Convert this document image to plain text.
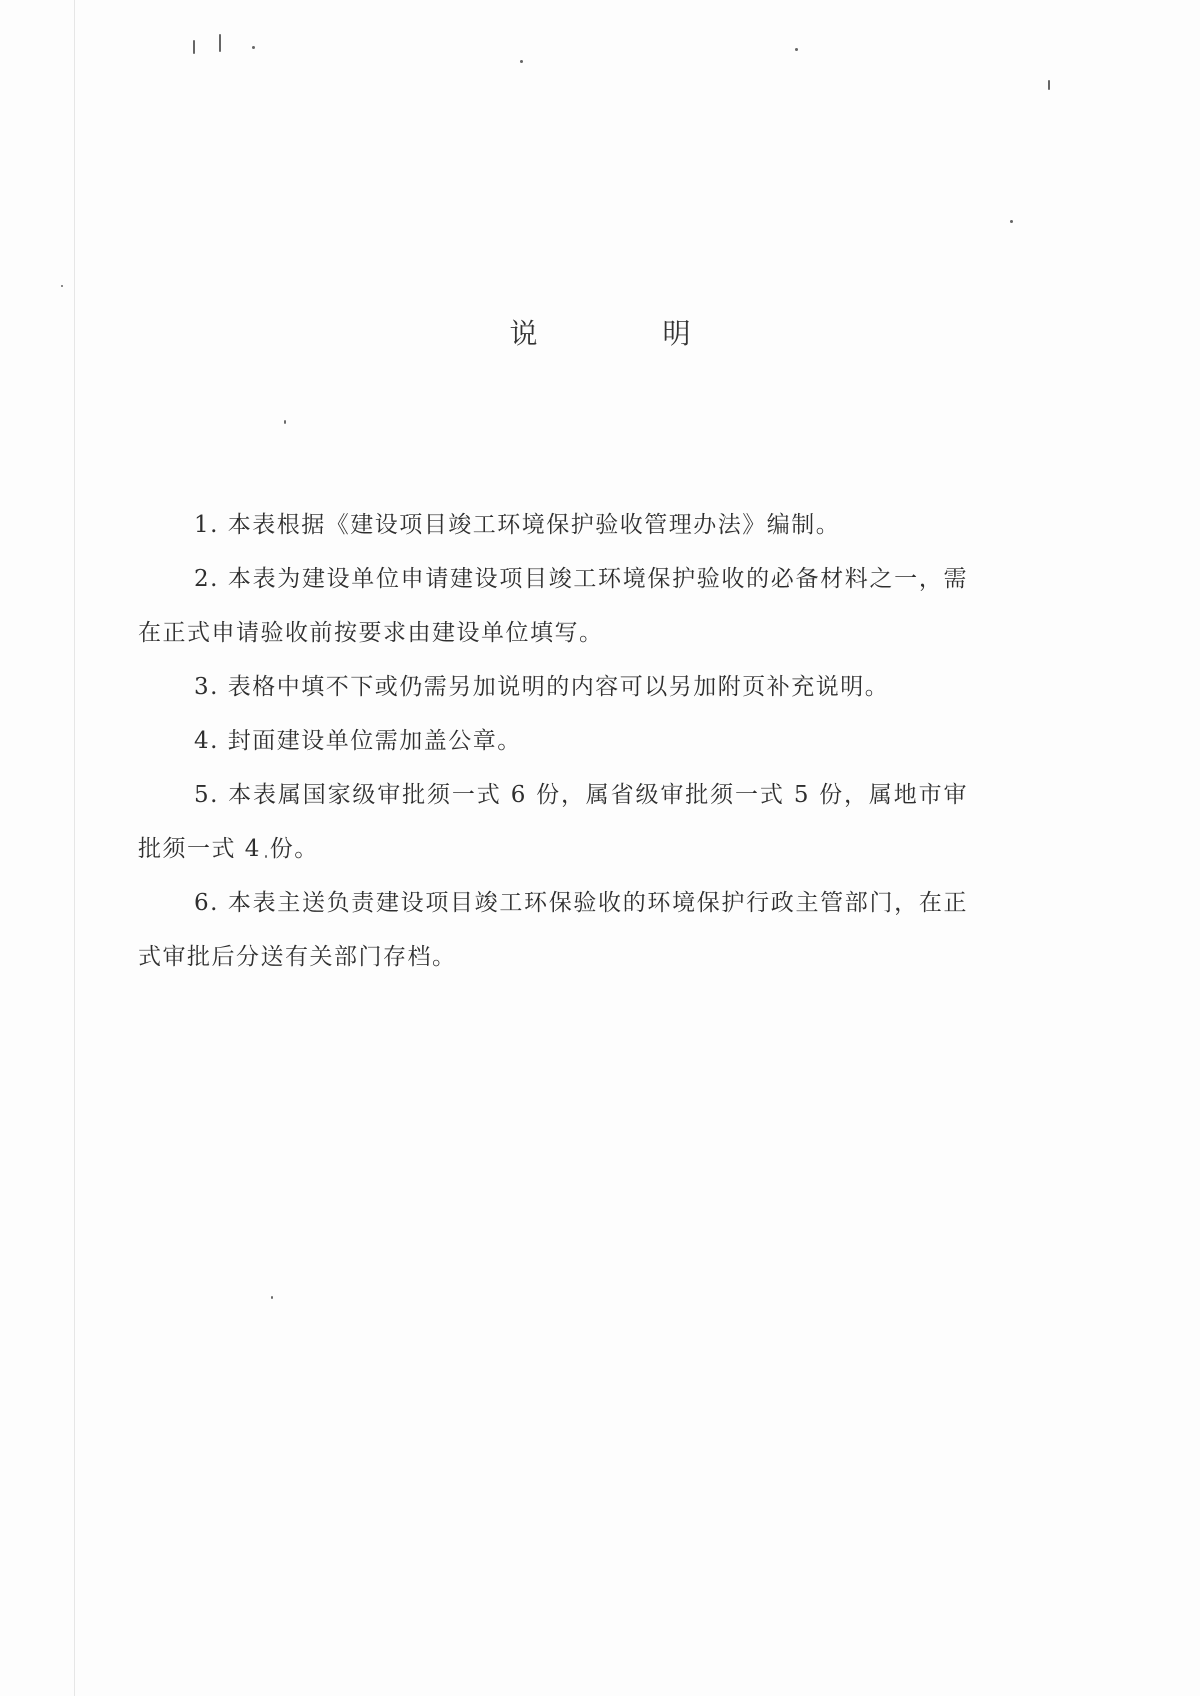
说 明

1. 本表根据《建设项目竣工环境保护验收管理办法》编制。

2. 本表为建设单位申请建设项目竣工环境保护验收的必备材料之一，需在正式申请验收前按要求由建设单位填写。

3. 表格中填不下或仍需另加说明的内容可以另加附页补充说明。

4. 封面建设单位需加盖公章。

5. 本表属国家级审批须一式 6 份，属省级审批须一式 5 份，属地市审批须一式 4 份。

6. 本表主送负责建设项目竣工环保验收的环境保护行政主管部门，在正式审批后分送有关部门存档。
